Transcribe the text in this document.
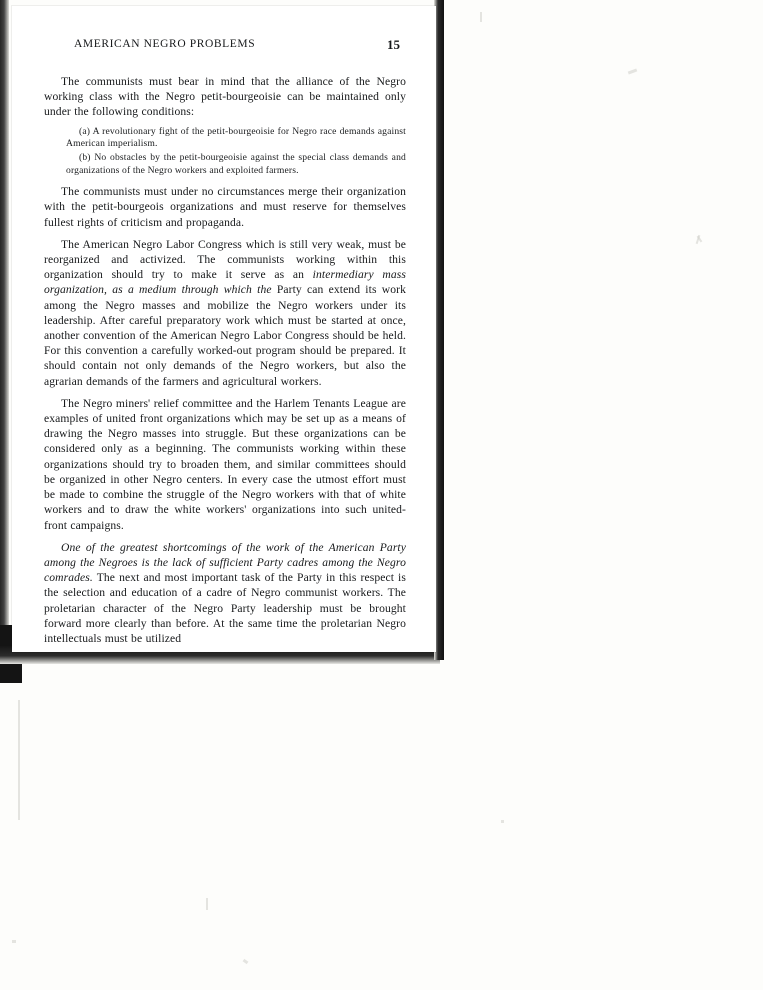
AMERICAN NEGRO PROBLEMS	15

The communists must bear in mind that the alliance of the Negro working class with the Negro petit-bourgeoisie can be maintained only under the following conditions:

(a) A revolutionary fight of the petit-bourgeoisie for Negro race demands against American imperialism.
(b) No obstacles by the petit-bourgeoisie against the special class demands and organizations of the Negro workers and exploited farmers.

The communists must under no circumstances merge their organization with the petit-bourgeois organizations and must reserve for themselves fullest rights of criticism and propaganda.

The American Negro Labor Congress which is still very weak, must be reorganized and activized. The communists working within this organization should try to make it serve as an intermediary mass organization, as a medium through which the Party can extend its work among the Negro masses and mobilize the Negro workers under its leadership. After careful preparatory work which must be started at once, another convention of the American Negro Labor Congress should be held. For this convention a carefully worked-out program should be prepared. It should contain not only demands of the Negro workers, but also the agrarian demands of the farmers and agricultural workers.

The Negro miners' relief committee and the Harlem Tenants League are examples of united front organizations which may be set up as a means of drawing the Negro masses into struggle. But these organizations can be considered only as a beginning. The communists working within these organizations should try to broaden them, and similar committees should be organized in other Negro centers. In every case the utmost effort must be made to combine the struggle of the Negro workers with that of white workers and to draw the white workers' organizations into such united-front campaigns.

One of the greatest shortcomings of the work of the American Party among the Negroes is the lack of sufficient Party cadres among the Negro comrades. The next and most important task of the Party in this respect is the selection and education of a cadre of Negro communist workers. The proletarian character of the Negro Party leadership must be brought forward more clearly than before. At the same time the proletarian Negro intellectuals must be utilized
